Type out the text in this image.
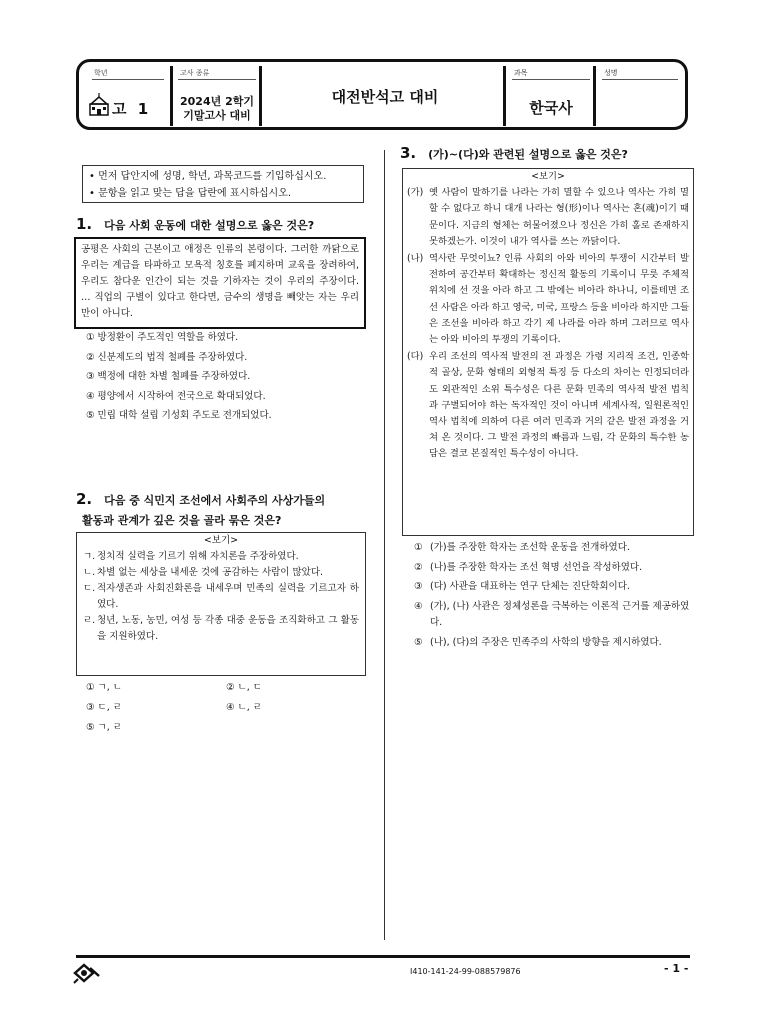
학년	고사 종류	과목	성명
고 1	2024년 2학기
기말고사 대비
대전반석고 대비
한국사
• 먼저 답안지에 성명, 학년, 과목코드를 기입하십시오.
• 문항을 읽고 맞는 답을 답란에 표시하십시오.
1. 다음 사회 운동에 대한 설명으로 옳은 것은?
공평은 사회의 근본이고 애정은 인류의 본령이다. 그러한 까닭으로 우리는 계급을 타파하고 모욕적 칭호를 폐지하며 교육을 장려하여, 우리도 참다운 인간이 되는 것을 기하자는 것이 우리의 주장이다. … 직업의 구별이 있다고 한다면, 금수의 생명을 빼앗는 자는 우리만이 아니다.
① 방정환이 주도적인 역할을 하였다.
② 신분제도의 법적 철폐를 주장하였다.
③ 백정에 대한 차별 철폐를 주장하였다.
④ 평양에서 시작하여 전국으로 확대되었다.
⑤ 민립 대학 설립 기성회 주도로 전개되었다.
2. 다음 중 식민지 조선에서 사회주의 사상가들의
활동과 관계가 깊은 것을 골라 묶은 것은?
<보기>
ㄱ. 정치적 실력을 기르기 위해 자치론을 주장하였다.
ㄴ. 차별 없는 세상을 내세운 것에 공감하는 사람이 많았다.
ㄷ. 적자생존과 사회진화론을 내세우며 민족의 실력을 기르고자 하였다.
ㄹ. 청년, 노동, 농민, 여성 등 각종 대중 운동을 조직화하고 그 활동을 지원하였다.
① ㄱ, ㄴ	② ㄴ, ㄷ
③ ㄷ, ㄹ	④ ㄴ, ㄹ
⑤ ㄱ, ㄹ
3. (가)~(다)와 관련된 설명으로 옳은 것은?
<보기>
(가) 옛 사람이 말하기를 나라는 가히 멸할 수 있으나 역사는 가히 멸할 수 없다고 하니 대개 나라는 형(形)이나 역사는 혼(魂)이기 때문이다. 지금의 형체는 허물어졌으나 정신은 가히 홀로 존재하지 못하겠는가. 이것이 내가 역사를 쓰는 까닭이다.
(나) 역사란 무엇이뇨? 인류 사회의 아와 비아의 투쟁이 시간부터 발전하여 공간부터 확대하는 정신적 활동의 기록이니 무릇 주체적 위치에 선 것을 아라 하고 그 밖에는 비아라 하나니, 이를테면 조선 사람은 아라 하고 영국, 미국, 프랑스 등을 비아라 하지만 그들은 조선을 비아라 하고 각기 제 나라를 아라 하며 그러므로 역사는 아와 비아의 투쟁의 기록이다.
(다) 우리 조선의 역사적 발전의 전 과정은 가령 지리적 조건, 인종학적 골상, 문화 형태의 외형적 특징 등 다소의 차이는 인정되더라도 외관적인 소위 특수성은 다른 문화 민족의 역사적 발전 법칙과 구별되어야 하는 독자적인 것이 아니며 세계사적, 일원론적인 역사 법칙에 의하여 다른 여러 민족과 거의 같은 발전 과정을 거쳐 온 것이다. 그 발전 과정의 빠름과 느림, 각 문화의 특수한 농담은 결코 본질적인 특수성이 아니다.
① (가)를 주장한 학자는 조선학 운동을 전개하였다.
② (나)를 주장한 학자는 조선 혁명 선언을 작성하였다.
③ (다) 사관을 대표하는 연구 단체는 진단학회이다.
④ (가), (나) 사관은 정체성론을 극복하는 이론적 근거를 제공하였다.
⑤ (나), (다)의 주장은 민족주의 사학의 방향을 제시하였다.
I410-141-24-99-088579876	- 1 -
